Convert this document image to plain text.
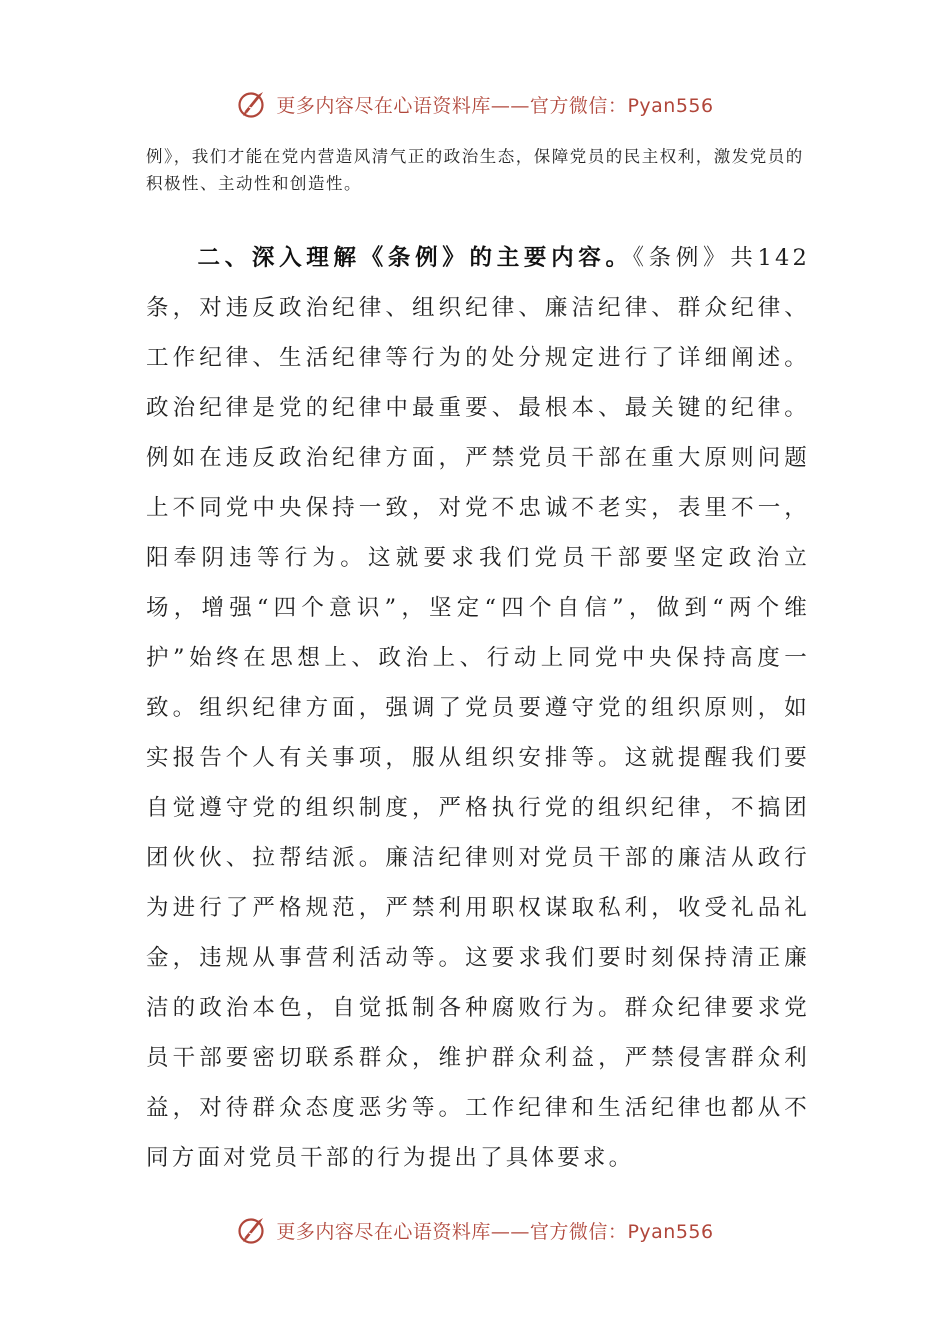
更多内容尽在心语资料库——官方微信：Pyan556
例》，我们才能在党内营造风清气正的政治生态，保障党员的民主权利，激发党员的积极性、主动性和创造性。
二、深入理解《条例》的主要内容。《条例》共142条，对违反政治纪律、组织纪律、廉洁纪律、群众纪律、工作纪律、生活纪律等行为的处分规定进行了详细阐述。政治纪律是党的纪律中最重要、最根本、最关键的纪律。例如在违反政治纪律方面，严禁党员干部在重大原则问题上不同党中央保持一致，对党不忠诚不老实，表里不一，阳奉阴违等行为。这就要求我们党员干部要坚定政治立场，增强“四个意识”，坚定“四个自信”，做到“两个维护”始终在思想上、政治上、行动上同党中央保持高度一致。组织纪律方面，强调了党员要遵守党的组织原则，如实报告个人有关事项，服从组织安排等。这就提醒我们要自觉遵守党的组织制度，严格执行党的组织纪律，不搞团团伙伙、拉帮结派。廉洁纪律则对党员干部的廉洁从政行为进行了严格规范，严禁利用职权谋取私利，收受礼品礼金，违规从事营利活动等。这要求我们要时刻保持清正廉洁的政治本色，自觉抵制各种腐败行为。群众纪律要求党员干部要密切联系群众，维护群众利益，严禁侵害群众利益，对待群众态度恶劣等。工作纪律和生活纪律也都从不同方面对党员干部的行为提出了具体要求。
更多内容尽在心语资料库——官方微信：Pyan556
